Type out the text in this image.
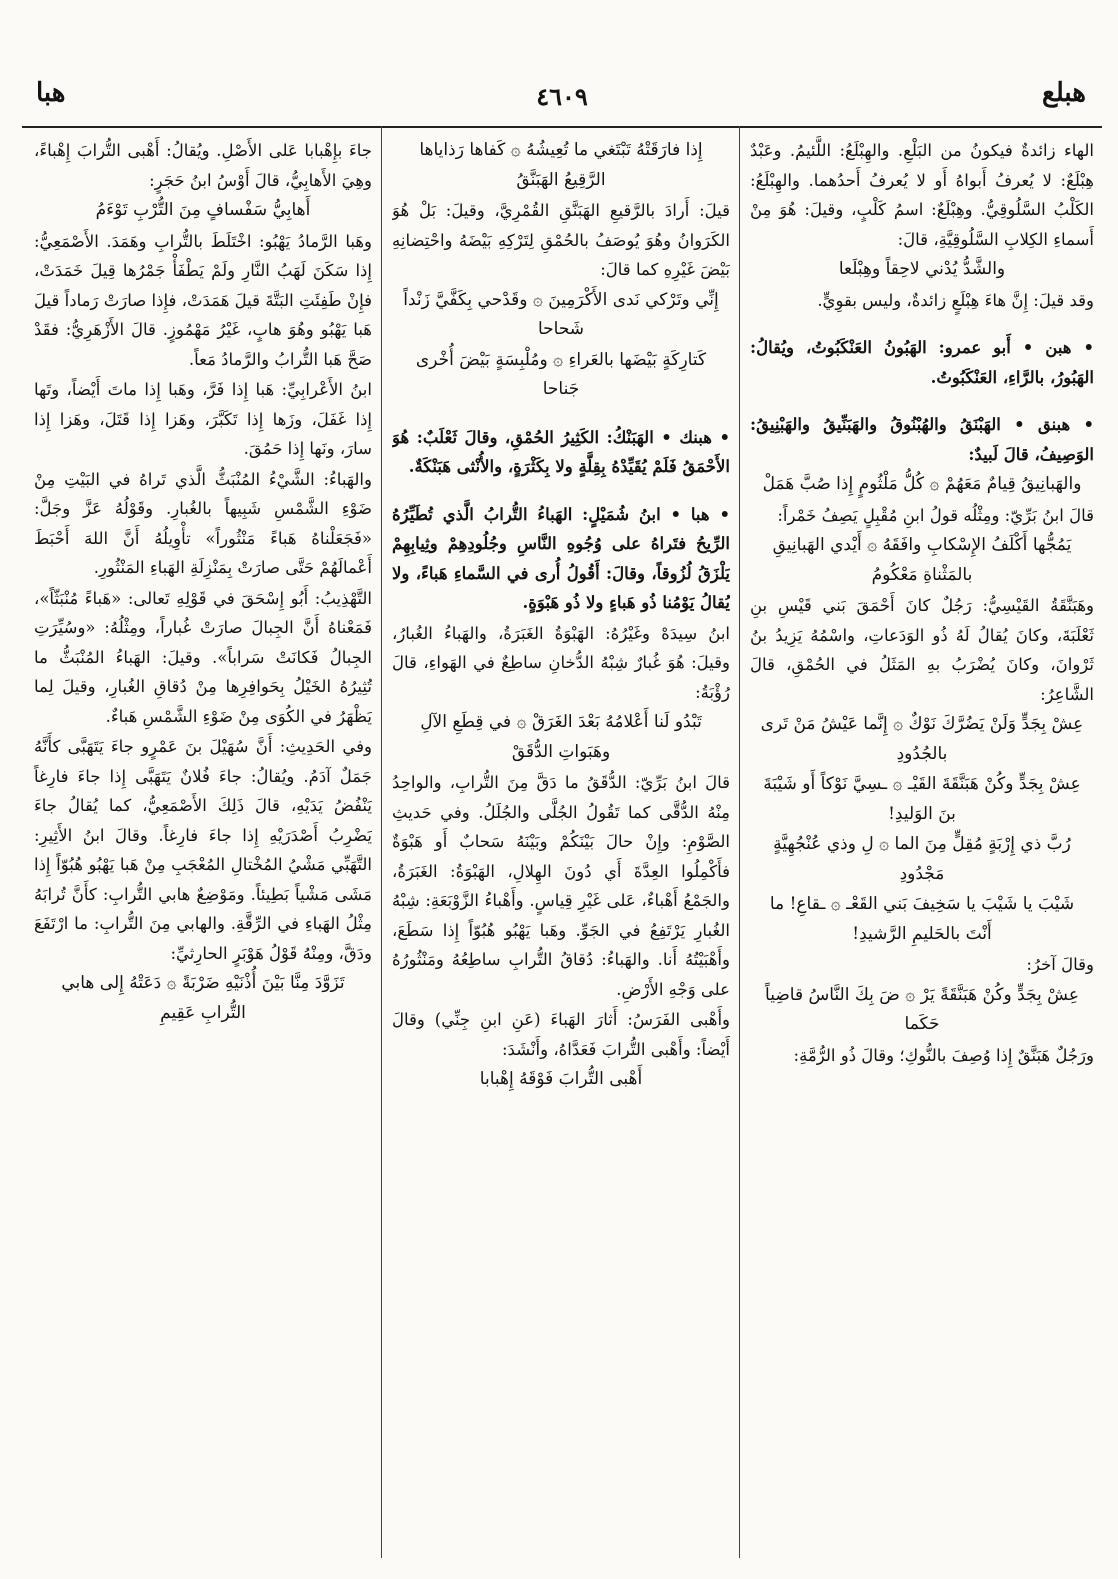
هبلع
٤٦٠٩
هبا
الهاء زائدةٌ فيكونُ من البَلْعِ. والهِبْلَعُ: اللَّئيمُ. وعَبْدٌ هِبْلَعٌ: لا يُعرفُ أَبواهُ أَو لا يُعرفُ أَحدُهما. والهِبْلَعُ: الكَلْبُ السَّلُوقِيُّ. وهِبْلَعٌ: اسمُ كَلْبٍ، وقيلَ: هُوَ مِنْ أَسماءِ الكِلابِ السَّلُوقِيَّةِ، قالَ:
والشَّدُّ يُدْني لاحِقاً وهِبْلَعا
وقد قيلَ: إِنَّ هاءَ هِبْلَعٍ زائدةٌ، وليس بقوِيٍّ.
• هبن • أَبو عمرو: الهَبُونُ العَنْكَبُوتُ، ويُقالُ: الهَبُورُ، بالرَّاءِ، العَنْكَبُوتُ.
• هبنق • الهَبْنَقُ والهُبْنُوقُ والهَبَنِّيقُ والهَبْنِيقُ: الوَصِيفُ، قالَ لَبيدٌ:
والهَبانِيقُ قِيامٌ مَعَهُمْ ۞ كُلُّ مَلْثُومٍ إِذا صُبَّ هَمَلْ
قالَ ابنُ بَرِّيّ: ومِثْلُه قولُ ابنِ مُقْبِلٍ يَصِفُ خَمْراً:
يَمُجُّها أَكْلَفُ الإِسْكابِ وافَقَهُ ۞ أَيْدي الهَبانِيقِ بالمَثْناةِ مَعْكُومُ
وهَبَنَّقَةُ القَيْسِيُّ: رَجُلٌ كانَ أَحْمَقَ بَني قَيْسِ بنِ ثَعْلَبَةَ، وكانَ يُقالُ لَهُ ذُو الوَدَعاتِ، واسْمُهُ يَزِيدُ بنُ ثَرْوانَ، وكانَ يُضْرَبُ بهِ المَثَلُ في الحُمْقِ، قالَ الشَّاعِرُ:
عِشْ بِجَدٍّ وَلَنْ يَضُرَّكَ نَوْكٌ ۞ إِنَّما عَيْشُ مَنْ تَرى بالجُدُودِ
عِشْ بِجَدٍّ وكُنْ هَبَنَّقَةَ القَيْـ ۞ ـسِيَّ نَوْكاً أَو شَيْبَةَ بنَ الوَليدِ!
رُبَّ ذي إِرْبَةٍ مُقِلٍّ مِنَ الما ۞ لِ وذي عُنْجُهِيَّةٍ مَجْدُودِ
شَيْبَ يا شَيْبَ يا سَخِيفَ بَني القَعْـ ۞ ـقاعِ! ما أَنْتَ بالحَليمِ الرَّشيدِ!
وقالَ آخرُ:
عِشْ بِجَدٍّ وكُنْ هَبَنَّقَةً يَرْ ۞ ضَ بِكَ النَّاسُ قاضِياً حَكَما
ورَجُلٌ هَبَنَّقٌ إِذا وُصِفَ بالنُّوكِ؛ وقالَ ذُو الرُّمَّةِ:
إِذا فارَقَتْهُ تَبْتَغي ما تُعِيشُهُ ۞ كَفاها رَذاياها الرَّقِيعُ الهَبَنَّقُ
قيلَ: أَرادَ بالرَّقيعِ الهَبَنَّقِ القُمْرِيَّ، وقيلَ: بَلْ هُوَ الكَرَوانُ وهُوَ يُوصَفُ بالحُمْقِ لِتَرْكِهِ بَيْضَهُ واحْتِضانِهِ بَيْضَ غَيْرِهِ كما قالَ:
إِنِّي وتَرْكي نَدى الأَكْرَمِينَ ۞ وقَدْحي بِكَفَّيَّ زَنْداً شَحاحا
كَتارِكَةٍ بَيْضَها بالعَراءِ ۞ ومُلْبِسَةٍ بَيْضَ أُخْرى جَناحا
• هبنك • الهَبَنْكُ: الكَثِيرُ الحُمْقِ، وقالَ ثَعْلَبٌ: هُوَ الأَحْمَقُ فَلَمْ يُقَيِّدْهُ بِقِلَّةٍ ولا بِكَثْرَةٍ، والأُنْثى هَبَنْكَةٌ.
• هبا • ابنُ شُمَيْلٍ: الهَباءُ التُّرابُ الَّذي تُطَيِّرُهُ الرِّيحُ فتَراهُ على وُجُوهِ النَّاسِ وجُلُودِهِمْ وثِيابِهِمْ يَلْزَقُ لُزُوقاً، وقالَ: أَقُولُ أُرى في السَّماءِ هَباءً، ولا يُقالُ يَوْمُنا ذُو هَباءٍ ولا ذُو هَبْوَةٍ.
ابنُ سِيدَهْ وغَيْرُهُ: الهَبْوَةُ الغَبَرَةُ، والهَباءُ الغُبارُ، وقيلَ: هُوَ غُبارٌ شِبْهُ الدُّخانِ ساطِعٌ في الهَواءِ، قالَ رُؤْبَةُ:
تَبْدُو لَنا أَعْلامُهُ بَعْدَ الغَرَقْ ۞ في قِطَعِ الآلِ وهَبَواتِ الدُّقَقْ
قالَ ابنُ بَرِّيّ: الدُّقَقُ ما دَقَّ مِنَ التُّرابِ، والواحِدُ مِنْهُ الدُّقَّى كما تَقُولُ الجُلَّى والجُلَلُ. وفي حَديثِ الصَّوْمِ: وإِنْ حالَ بَيْنَكُمْ وبَيْنَهُ سَحابٌ أَو هَبْوَةٌ فأَكْمِلُوا العِدَّةَ أَي دُونَ الهِلالِ، الهَبْوَةُ: الغَبَرَةُ، والجَمْعُ أَهْباءٌ، عَلى غَيْرِ قِياسٍ. وأَهْباءُ الزَّوْبَعَةِ: شِبْهُ الغُبارِ يَرْتَفِعُ في الجَوِّ. وهَبا يَهْبُو هُبُوّاً إِذا سَطَعَ، وأَهْبَيْتُهُ أَنا. والهَباءُ: دُقاقُ التُّرابِ ساطِعُهُ ومَنْثُورُهُ على وَجْهِ الأَرْضِ.
وأَهْبى الفَرَسُ: أَثارَ الهَباءَ (عَنِ ابنِ جِنِّي) وقالَ أَيْضاً: وأَهْبى التُّرابَ فَعَدَّاهُ، وأَنْشَدَ:
أَهْبى التُّرابَ فَوْقَهُ إِهْبابا
جاءَ بإِهْبابا عَلى الأَصْلِ. ويُقالُ: أَهْبى التُّرابَ إِهْباءً، وهِيَ الأَهابِيُّ، قالَ أَوْسُ ابنُ حَجَرٍ:
أَهابِيُّ سَفْسافٍ مِنَ التُّرْبِ تَوْءَمُ
وهَبا الرَّمادُ يَهْبُو: اخْتَلَطَ بالتُّرابِ وهَمَدَ. الأَصْمَعِيُّ: إِذا سَكَنَ لَهَبُ النَّارِ ولَمْ يَطْفَأْ جَمْرُها قِيلَ خَمَدَتْ، فإِنْ طَفِئَتِ البَتَّةَ قيلَ هَمَدَتْ، فإِذا صارَتْ رَماداً قيلَ هَبا يَهْبُو وهُوَ هابٍ، غَيْرُ مَهْمُوزٍ. قالَ الأَزْهَرِيُّ: فقَدْ صَحَّ هَبا التُّرابُ والرَّمادُ مَعاً.
ابنُ الأَعْرابِيِّ: هَبا إِذا فَرَّ، وهَبا إِذا ماتَ أَيْضاً، وتَها إِذا غَفَلَ، وزَها إِذا تَكَبَّرَ، وهَزا إِذا قَتَلَ، وهَزا إِذا سارَ، ونَها إِذا حَمُقَ.
والهَباءُ: الشَّيْءُ المُنْبَثُّ الَّذي تَراهُ في البَيْتِ مِنْ ضَوْءِ الشَّمْسِ شَبِيهاً بالغُبارِ. وقَوْلُهُ عَزَّ وجَلَّ: «فَجَعَلْناهُ هَباءً مَنْثُوراً» تأْوِيلُهُ أَنَّ اللهَ أَحْبَطَ أَعْمالَهُمْ حَتَّى صارَتْ بِمَنْزِلَةِ الهَباءِ المَنْثُورِ.
التَّهْذِيبُ: أَبُو إِسْحَقَ في قَوْلِهِ تَعالى: «هَباءً مُنْبَثّاً»، فَمَعْناهُ أَنَّ الجِبالَ صارَتْ غُباراً، ومِثْلُهُ: «وسُيِّرَتِ الجِبالُ فَكانَتْ سَراباً». وقيلَ: الهَباءُ المُنْبَثُّ ما تُثِيرُهُ الخَيْلُ بِحَوافِرِها مِنْ دُقاقِ الغُبارِ، وقيلَ لِما يَظْهَرُ في الكُوَى مِنْ ضَوْءِ الشَّمْسِ هَباءٌ.
وفي الحَدِيثِ: أَنَّ سُهَيْلَ بنَ عَمْرٍو جاءَ يَتَهَبَّى كأَنَّهُ جَمَلٌ آدَمُ. ويُقالُ: جاءَ فُلانٌ يَتَهَبَّى إِذا جاءَ فارِغاً يَنْفُضُ يَدَيْهِ، قالَ ذَلِكَ الأَصْمَعِيُّ، كما يُقالُ جاءَ يَضْرِبُ أَصْدَرَيْهِ إِذا جاءَ فارِغاً. وقالَ ابنُ الأَثِيرِ: التَّهَبِّي مَشْيُ المُخْتالِ المُعْجَبِ مِنْ هَبا يَهْبُو هُبُوّاً إِذا مَشَى مَشْياً بَطِيئاً. ومَوْضِعٌ هابي التُّرابِ: كأَنَّ تُرابَهُ مِثْلُ الهَباءِ في الرِّقَّةِ. والهابي مِنَ التُّرابِ: ما ارْتَفَعَ ودَقَّ، ومِنْهُ قَوْلُ هَوْبَرٍ الحارِثيِّ:
تَزَوَّدَ مِنَّا بَيْنَ أُذْنَيْهِ ضَرْبَةً ۞ دَعَتْهُ إِلى هابي التُّرابِ عَقِيمِ
